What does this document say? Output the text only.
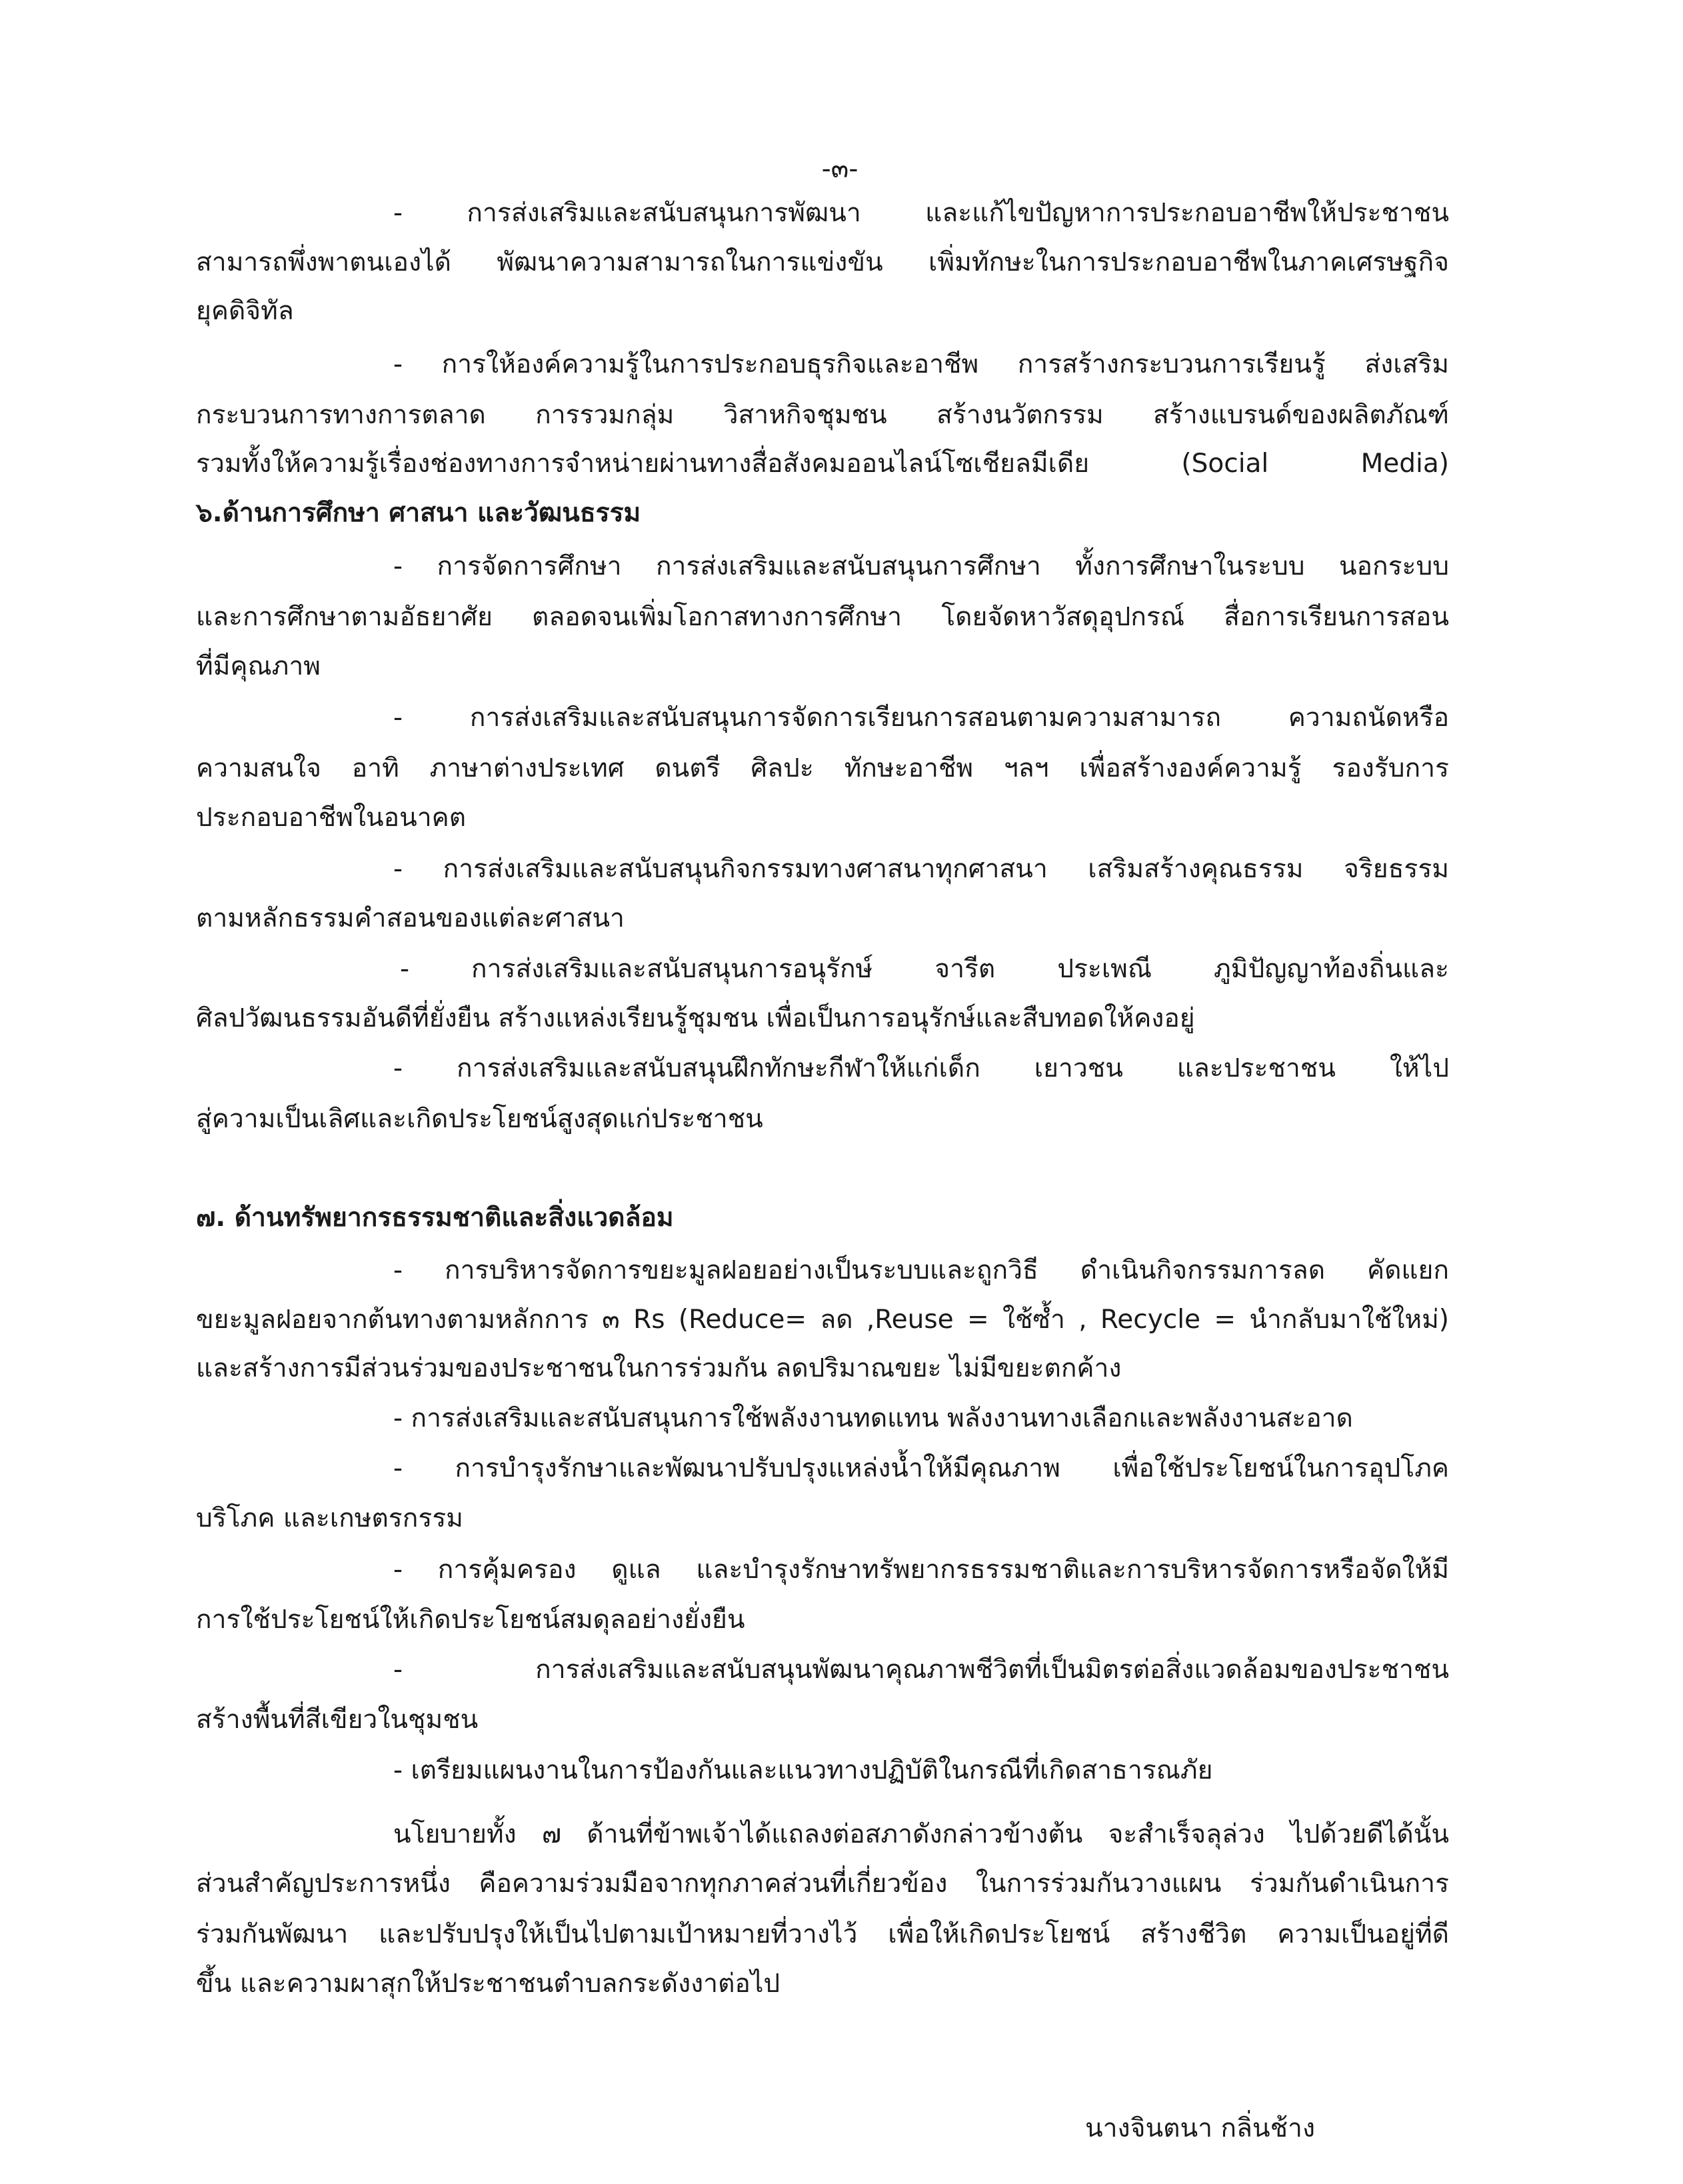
-๓-
- การส่งเสริมและสนับสนุนการพัฒนา และแก้ไขปัญหาการประกอบอาชีพให้ประชาชน
สามารถพึ่งพาตนเองได้ พัฒนาความสามารถในการแข่งขัน เพิ่มทักษะในการประกอบอาชีพในภาคเศรษฐกิจ
ยุคดิจิทัล
- การให้องค์ความรู้ในการประกอบธุรกิจและอาชีพ การสร้างกระบวนการเรียนรู้ ส่งเสริม
กระบวนการทางการตลาด การรวมกลุ่ม วิสาหกิจชุมชน สร้างนวัตกรรม สร้างแบรนด์ของผลิตภัณฑ์
รวมทั้งให้ความรู้เรื่องช่องทางการจำหน่ายผ่านทางสื่อสังคมออนไลน์โซเชียลมีเดีย (Social Media)
๖.ด้านการศึกษา ศาสนา และวัฒนธรรม
- การจัดการศึกษา การส่งเสริมและสนับสนุนการศึกษา ทั้งการศึกษาในระบบ นอกระบบ
และการศึกษาตามอัธยาศัย ตลอดจนเพิ่มโอกาสทางการศึกษา โดยจัดหาวัสดุอุปกรณ์ สื่อการเรียนการสอน
ที่มีคุณภาพ
- การส่งเสริมและสนับสนุนการจัดการเรียนการสอนตามความสามารถ ความถนัดหรือ
ความสนใจ อาทิ ภาษาต่างประเทศ ดนตรี ศิลปะ ทักษะอาชีพ ฯลฯ เพื่อสร้างองค์ความรู้ รองรับการ
ประกอบอาชีพในอนาคต
- การส่งเสริมและสนับสนุนกิจกรรมทางศาสนาทุกศาสนา เสริมสร้างคุณธรรม จริยธรรม
ตามหลักธรรมคำสอนของแต่ละศาสนา
- การส่งเสริมและสนับสนุนการอนุรักษ์ จารีต ประเพณี ภูมิปัญญาท้องถิ่นและ
ศิลปวัฒนธรรมอันดีที่ยั่งยืน สร้างแหล่งเรียนรู้ชุมชน เพื่อเป็นการอนุรักษ์และสืบทอดให้คงอยู่
- การส่งเสริมและสนับสนุนฝึกทักษะกีฬาให้แก่เด็ก เยาวชน และประชาชน ให้ไป
สู่ความเป็นเลิศและเกิดประโยชน์สูงสุดแก่ประชาชน
๗. ด้านทรัพยากรธรรมชาติและสิ่งแวดล้อม
- การบริหารจัดการขยะมูลฝอยอย่างเป็นระบบและถูกวิธี ดำเนินกิจกรรมการลด คัดแยก
ขยะมูลฝอยจากต้นทางตามหลักการ ๓ Rs (Reduce= ลด ,Reuse = ใช้ซ้ำ , Recycle = นำกลับมาใช้ใหม่)
และสร้างการมีส่วนร่วมของประชาชนในการร่วมกัน ลดปริมาณขยะ ไม่มีขยะตกค้าง
- การส่งเสริมและสนับสนุนการใช้พลังงานทดแทน พลังงานทางเลือกและพลังงานสะอาด
- การบำรุงรักษาและพัฒนาปรับปรุงแหล่งน้ำให้มีคุณภาพ เพื่อใช้ประโยชน์ในการอุปโภค
บริโภค และเกษตรกรรม
- การคุ้มครอง ดูแล และบำรุงรักษาทรัพยากรธรรมชาติและการบริหารจัดการหรือจัดให้มี
การใช้ประโยชน์ให้เกิดประโยชน์สมดุลอย่างยั่งยืน
- การส่งเสริมและสนับสนุนพัฒนาคุณภาพชีวิตที่เป็นมิตรต่อสิ่งแวดล้อมของประชาชน
สร้างพื้นที่สีเขียวในชุมชน
- เตรียมแผนงานในการป้องกันและแนวทางปฏิบัติในกรณีที่เกิดสาธารณภัย
นโยบายทั้ง ๗ ด้านที่ข้าพเจ้าได้แถลงต่อสภาดังกล่าวข้างต้น จะสำเร็จลุล่วง ไปด้วยดีได้นั้น
ส่วนสำคัญประการหนึ่ง คือความร่วมมือจากทุกภาคส่วนที่เกี่ยวข้อง ในการร่วมกันวางแผน ร่วมกันดำเนินการ
ร่วมกันพัฒนา และปรับปรุงให้เป็นไปตามเป้าหมายที่วางไว้ เพื่อให้เกิดประโยชน์ สร้างชีวิต ความเป็นอยู่ที่ดี
ขึ้น และความผาสุกให้ประชาชนตำบลกระดังงาต่อไป
นางจินตนา กลิ่นช้าง
